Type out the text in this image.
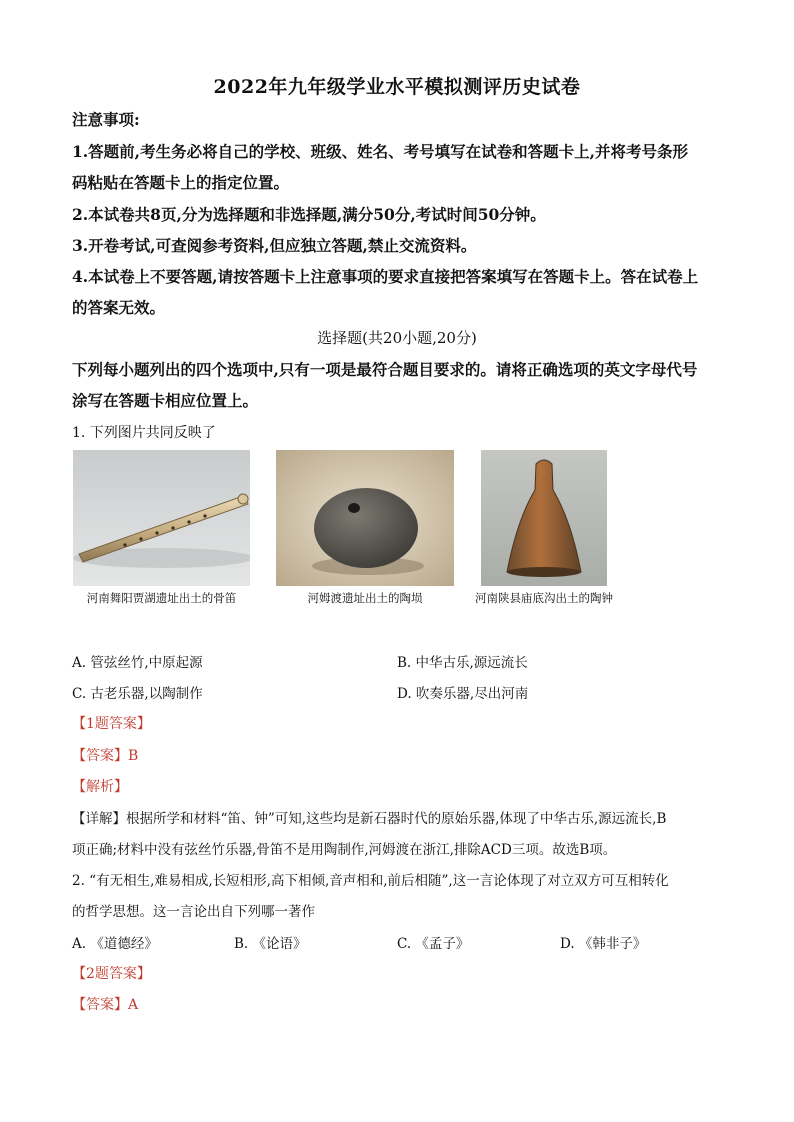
2022年九年级学业水平模拟测评历史试卷
注意事项:
1.答题前,考生务必将自己的学校、班级、姓名、考号填写在试卷和答题卡上,并将考号条形
码粘贴在答题卡上的指定位置。
2.本试卷共8页,分为选择题和非选择题,满分50分,考试时间50分钟。
3.开卷考试,可查阅参考资料,但应独立答题,禁止交流资料。
4.本试卷上不要答题,请按答题卡上注意事项的要求直接把答案填写在答题卡上。答在试卷上
的答案无效。
选择题(共20小题,20分)
下列每小题列出的四个选项中,只有一项是最符合题目要求的。请将正确选项的英文字母代号
涂写在答题卡相应位置上。
1. 下列图片共同反映了
河南舞阳贾湖遗址出土的骨笛	河姆渡遗址出土的陶埙	河南陕县庙底沟出土的陶钟
A. 管弦丝竹,中原起源	B. 中华古乐,源远流长
C. 古老乐器,以陶制作	D. 吹奏乐器,尽出河南
【1题答案】
【答案】B
【解析】
【详解】根据所学和材料“笛、钟”可知,这些均是新石器时代的原始乐器,体现了中华古乐,源远流长,B
项正确;材料中没有弦丝竹乐器,骨笛不是用陶制作,河姆渡在浙江,排除ACD三项。故选B项。
2. “有无相生,难易相成,长短相形,高下相倾,音声相和,前后相随”,这一言论体现了对立双方可互相转化
的哲学思想。这一言论出自下列哪一著作
A. 《道德经》	B. 《论语》	C. 《孟子》	D. 《韩非子》
【2题答案】
【答案】A
